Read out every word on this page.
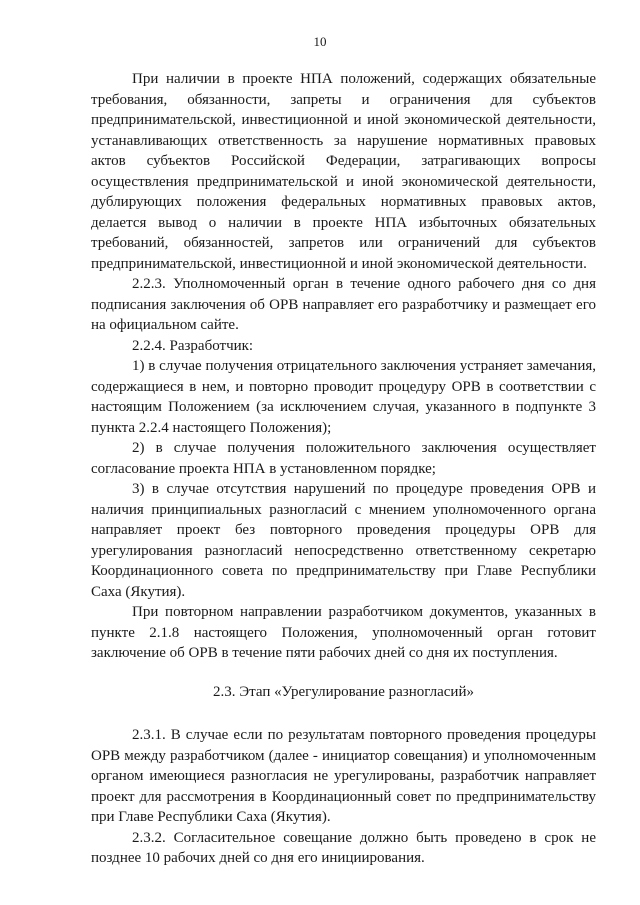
10

При наличии в проекте НПА положений, содержащих обязательные требования, обязанности, запреты и ограничения для субъектов предпринимательской, инвестиционной и иной экономической деятельности, устанавливающих ответственность за нарушение нормативных правовых актов субъектов Российской Федерации, затрагивающих вопросы осуществления предпринимательской и иной экономической деятельности, дублирующих положения федеральных нормативных правовых актов, делается вывод о наличии в проекте НПА избыточных обязательных требований, обязанностей, запретов или ограничений для субъектов предпринимательской, инвестиционной и иной экономической деятельности.

2.2.3. Уполномоченный орган в течение одного рабочего дня со дня подписания заключения об ОРВ направляет его разработчику и размещает его на официальном сайте.

2.2.4. Разработчик:

1) в случае получения отрицательного заключения устраняет замечания, содержащиеся в нем, и повторно проводит процедуру ОРВ в соответствии с настоящим Положением (за исключением случая, указанного в подпункте 3 пункта 2.2.4 настоящего Положения);

2) в случае получения положительного заключения осуществляет согласование проекта НПА в установленном порядке;

3) в случае отсутствия нарушений по процедуре проведения ОРВ и наличия принципиальных разногласий с мнением уполномоченного органа направляет проект без повторного проведения процедуры ОРВ для урегулирования разногласий непосредственно ответственному секретарю Координационного совета по предпринимательству при Главе Республики Саха (Якутия).

При повторном направлении разработчиком документов, указанных в пункте 2.1.8 настоящего Положения, уполномоченный орган готовит заключение об ОРВ в течение пяти рабочих дней со дня их поступления.

2.3. Этап «Урегулирование разногласий»

2.3.1. В случае если по результатам повторного проведения процедуры ОРВ между разработчиком (далее - инициатор совещания) и уполномоченным органом имеющиеся разногласия не урегулированы, разработчик направляет проект для рассмотрения в Координационный совет по предпринимательству при Главе Республики Саха (Якутия).

2.3.2. Согласительное совещание должно быть проведено в срок не позднее 10 рабочих дней со дня его инициирования.
